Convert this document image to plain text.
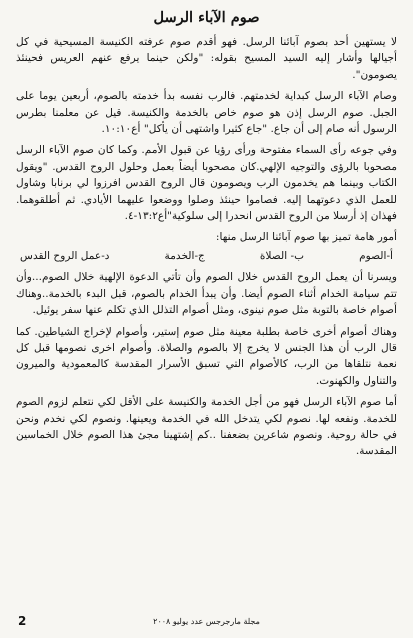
صوم الآباء الرسل

لا يستهين أحد بصوم آبائنا الرسل. فهو أقدم صوم عرفته الكنيسة المسيحية في كل أجيالها وأشار إليه السيد المسيح بقوله: "ولكن حينما يرفع عنهم العريس فحينئذ يصومون".

وصام الآباء الرسل كبداية لخدمتهم. فالرب نفسه بدأ خدمته بالصوم، أربعين يوما على الجبل. صوم الرسل إذن هو صوم خاص بالخدمة والكنيسة. قيل عن معلمنا بطرس الرسول أنه صام إلى أن جاع. "جاع كثيرا واشتهى أن يأكل" أع١٠:١٠.

وفي جوعه رأى السماء مفتوحة ورأى رؤيا عن قبول الأمم. وكما كان صوم الآباء الرسل مصحوبا بالرؤى والتوجيه الإلهي.كان مصحوبا أيضاً بعمل وحلول الروح القدس. "ويقول الكتاب وبينما هم يخدمون الرب ويصومون قال الروح القدس افرزوا لي برنابا وشاول للعمل الذي دعوتهما إليه. فصاموا حينئذ وصلوا ووضعوا عليهما الأيادي. ثم أطلقوهما. فهذان إذ أرسلا من الروح القدس انحدرا إلى سلوكية"أع١٣:٢-٤.

أمور هامة تميز بها صوم آبائنا الرسل منها:

أ-الصوم
ب- الصلاة
ج-الخدمة
د-عمل الروح القدس

ويسرنا أن يعمل الروح القدس خلال الصوم وأن تأتي الدعوة الإلهية خلال الصوم...وأن تتم سيامة الخدام أثناء الصوم أيضا. وأن يبدأ الخدام بالصوم، قبل البدء بالخدمة..وهناك أصوام خاصة بالتوبة مثل صوم نينوى، ومثل أصوام التذلل الذي تكلم عنها سفر يوئيل.

وهناك أصوام أخرى خاصة بطلبة معينة مثل صوم إستير، وأصوام لإخراج الشياطين. كما قال الرب أن هذا الجنس لا يخرج إلا بالصوم والصلاة. وأصوام اخرى نصومها قبل كل نعمة نتلقاها من الرب، كالأصوام التي تسبق الأسرار المقدسة كالمعمودية والميرون والتناول والكهنوت.

أما صوم الآباء الرسل فهو من أجل الخدمة والكنيسة على الأقل لكي نتعلم لزوم الصوم للخدمة. ونفعه لها. نصوم لكي يتدخل الله في الخدمة ويعينها. ونصوم لكي نخدم ونحن في حالة روحية. ونصوم شاعرين بضعفنا ..كم إشتهينا مجئ هذا الصوم خلال الخماسين المقدسة.

2	مجلة مارجرجس عدد يوليو ٢٠٠٨
